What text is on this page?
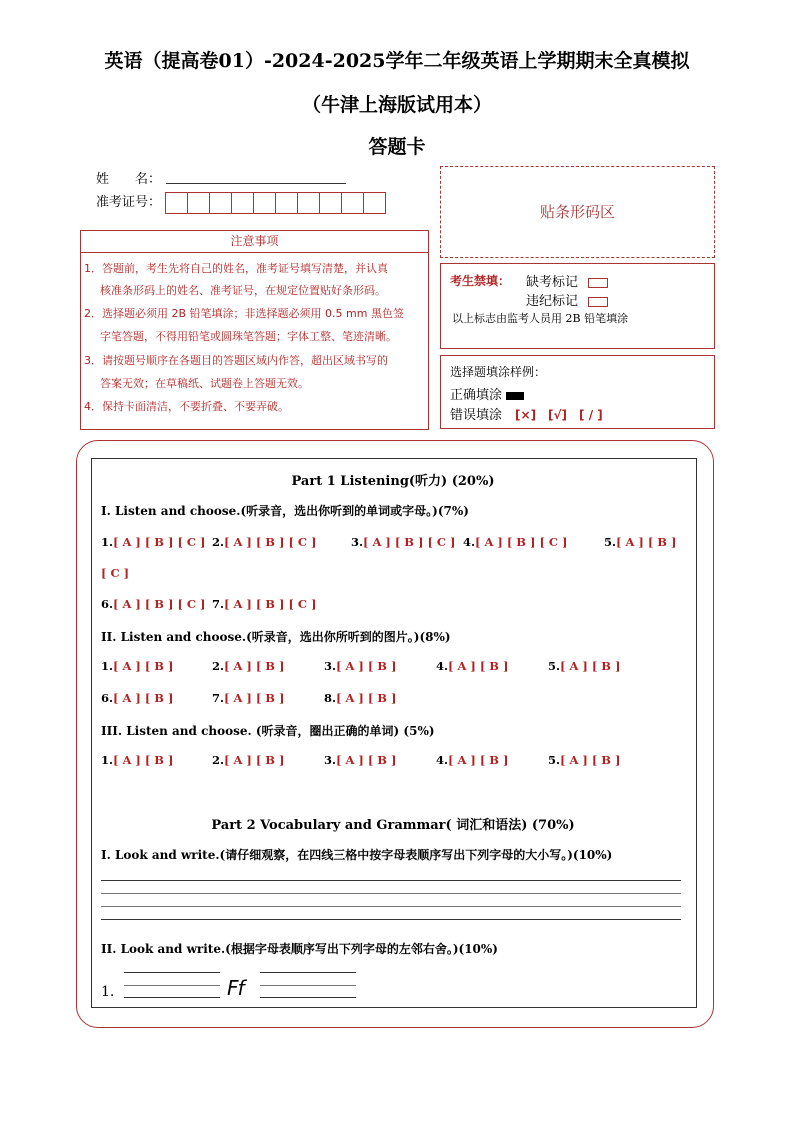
英语（提高卷01）-2024-2025学年二年级英语上学期期末全真模拟
（牛津上海版试用本）
答题卡
姓　　名：
准考证号：
贴条形码区
注意事项
1．答题前，考生先将自己的姓名，准考证号填写清楚，并认真
核准条形码上的姓名、准考证号，在规定位置贴好条形码。
2．选择题必须用 2B 铅笔填涂；非选择题必须用 0.5 mm 黑色签
字笔答题，不得用铅笔或圆珠笔答题；字体工整、笔迹清晰。
3．请按题号顺序在各题目的答题区域内作答，超出区域书写的
答案无效；在草稿纸、试题卷上答题无效。
4．保持卡面清洁，不要折叠、不要弄破。
考生禁填： 缺考标记
违纪标记
以上标志由监考人员用 2B 铅笔填涂
选择题填涂样例：
正确填涂
错误填涂　 [×]　[√]　[ / ]
Part 1 Listening(听力) (20%)
I. Listen and choose.(听录音，选出你听到的单词或字母。)(7%)
1.[ A ] [ B ] [ C ] 2.[ A ] [ B ] [ C ]	3.[ A ] [ B ] [ C ] 4.[ A ] [ B ] [ C ]	5.[ A ] [ B ]
[ C ]
6.[ A ] [ B ] [ C ] 7.[ A ] [ B ] [ C ]
II. Listen and choose.(听录音，选出你所听到的图片。)(8%)
1.[ A ] [ B ]	2.[ A ] [ B ]	3.[ A ] [ B ]	4.[ A ] [ B ]	5.[ A ] [ B ]
6.[ A ] [ B ]	7.[ A ] [ B ]	8.[ A ] [ B ]
III. Listen and choose. (听录音，圈出正确的单词) (5%)
1.[ A ] [ B ]	2.[ A ] [ B ]	3.[ A ] [ B ]	4.[ A ] [ B ]	5.[ A ] [ B ]
Part 2 Vocabulary and Grammar( 词汇和语法) (70%)
I. Look and write.(请仔细观察，在四线三格中按字母表顺序写出下列字母的大小写。)(10%)
II. Look and write.(根据字母表顺序写出下列字母的左邻右舍。)(10%)
1.	Ff
